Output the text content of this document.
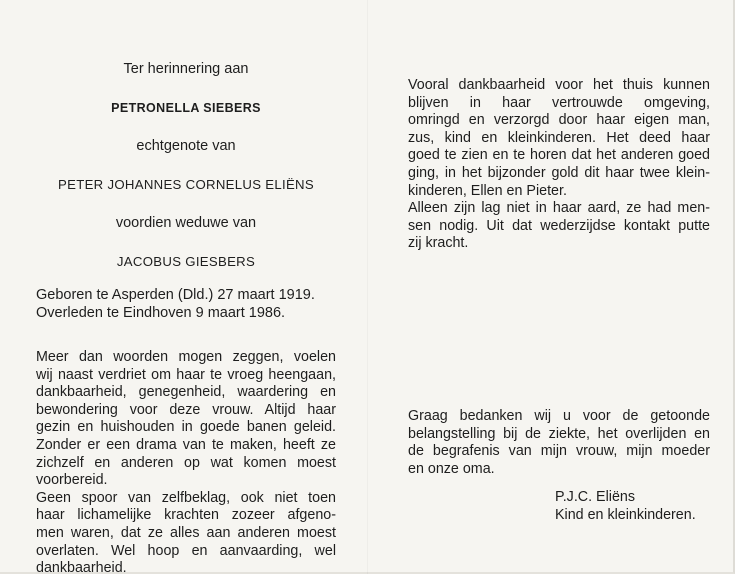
Ter herinnering aan

PETRONELLA SIEBERS

echtgenote van

PETER JOHANNES CORNELUS ELIËNS

voordien weduwe van

JACOBUS GIESBERS

Geboren te Asperden (Dld.) 27 maart 1919.

Overleden te Eindhoven 9 maart 1986.

Meer dan woorden mogen zeggen, voelen
wij naast verdriet om haar te vroeg heengaan,
dankbaarheid, genegenheid, waardering en
bewondering voor deze vrouw. Altijd haar
gezin en huishouden in goede banen geleid.
Zonder er een drama van te maken, heeft ze
zichzelf en anderen op wat komen moest
voorbereid.
Geen spoor van zelfbeklag, ook niet toen
haar lichamelijke krachten zozeer afgeno-
men waren, dat ze alles aan anderen moest
overlaten. Wel hoop en aanvaarding, wel
dankbaarheid.
Vooral dankbaarheid voor het thuis kunnen
blijven in haar vertrouwde omgeving,
omringd en verzorgd door haar eigen man,
zus, kind en kleinkinderen. Het deed haar
goed te zien en te horen dat het anderen goed
ging, in het bijzonder gold dit haar twee klein-
kinderen, Ellen en Pieter.
Alleen zijn lag niet in haar aard, ze had men-
sen nodig. Uit dat wederzijdse kontakt putte
zij kracht.
Graag bedanken wij u voor de getoonde
belangstelling bij de ziekte, het overlijden en
de begrafenis van mijn vrouw, mijn moeder
en onze oma.

P.J.C. Eliëns

Kind en kleinkinderen.
